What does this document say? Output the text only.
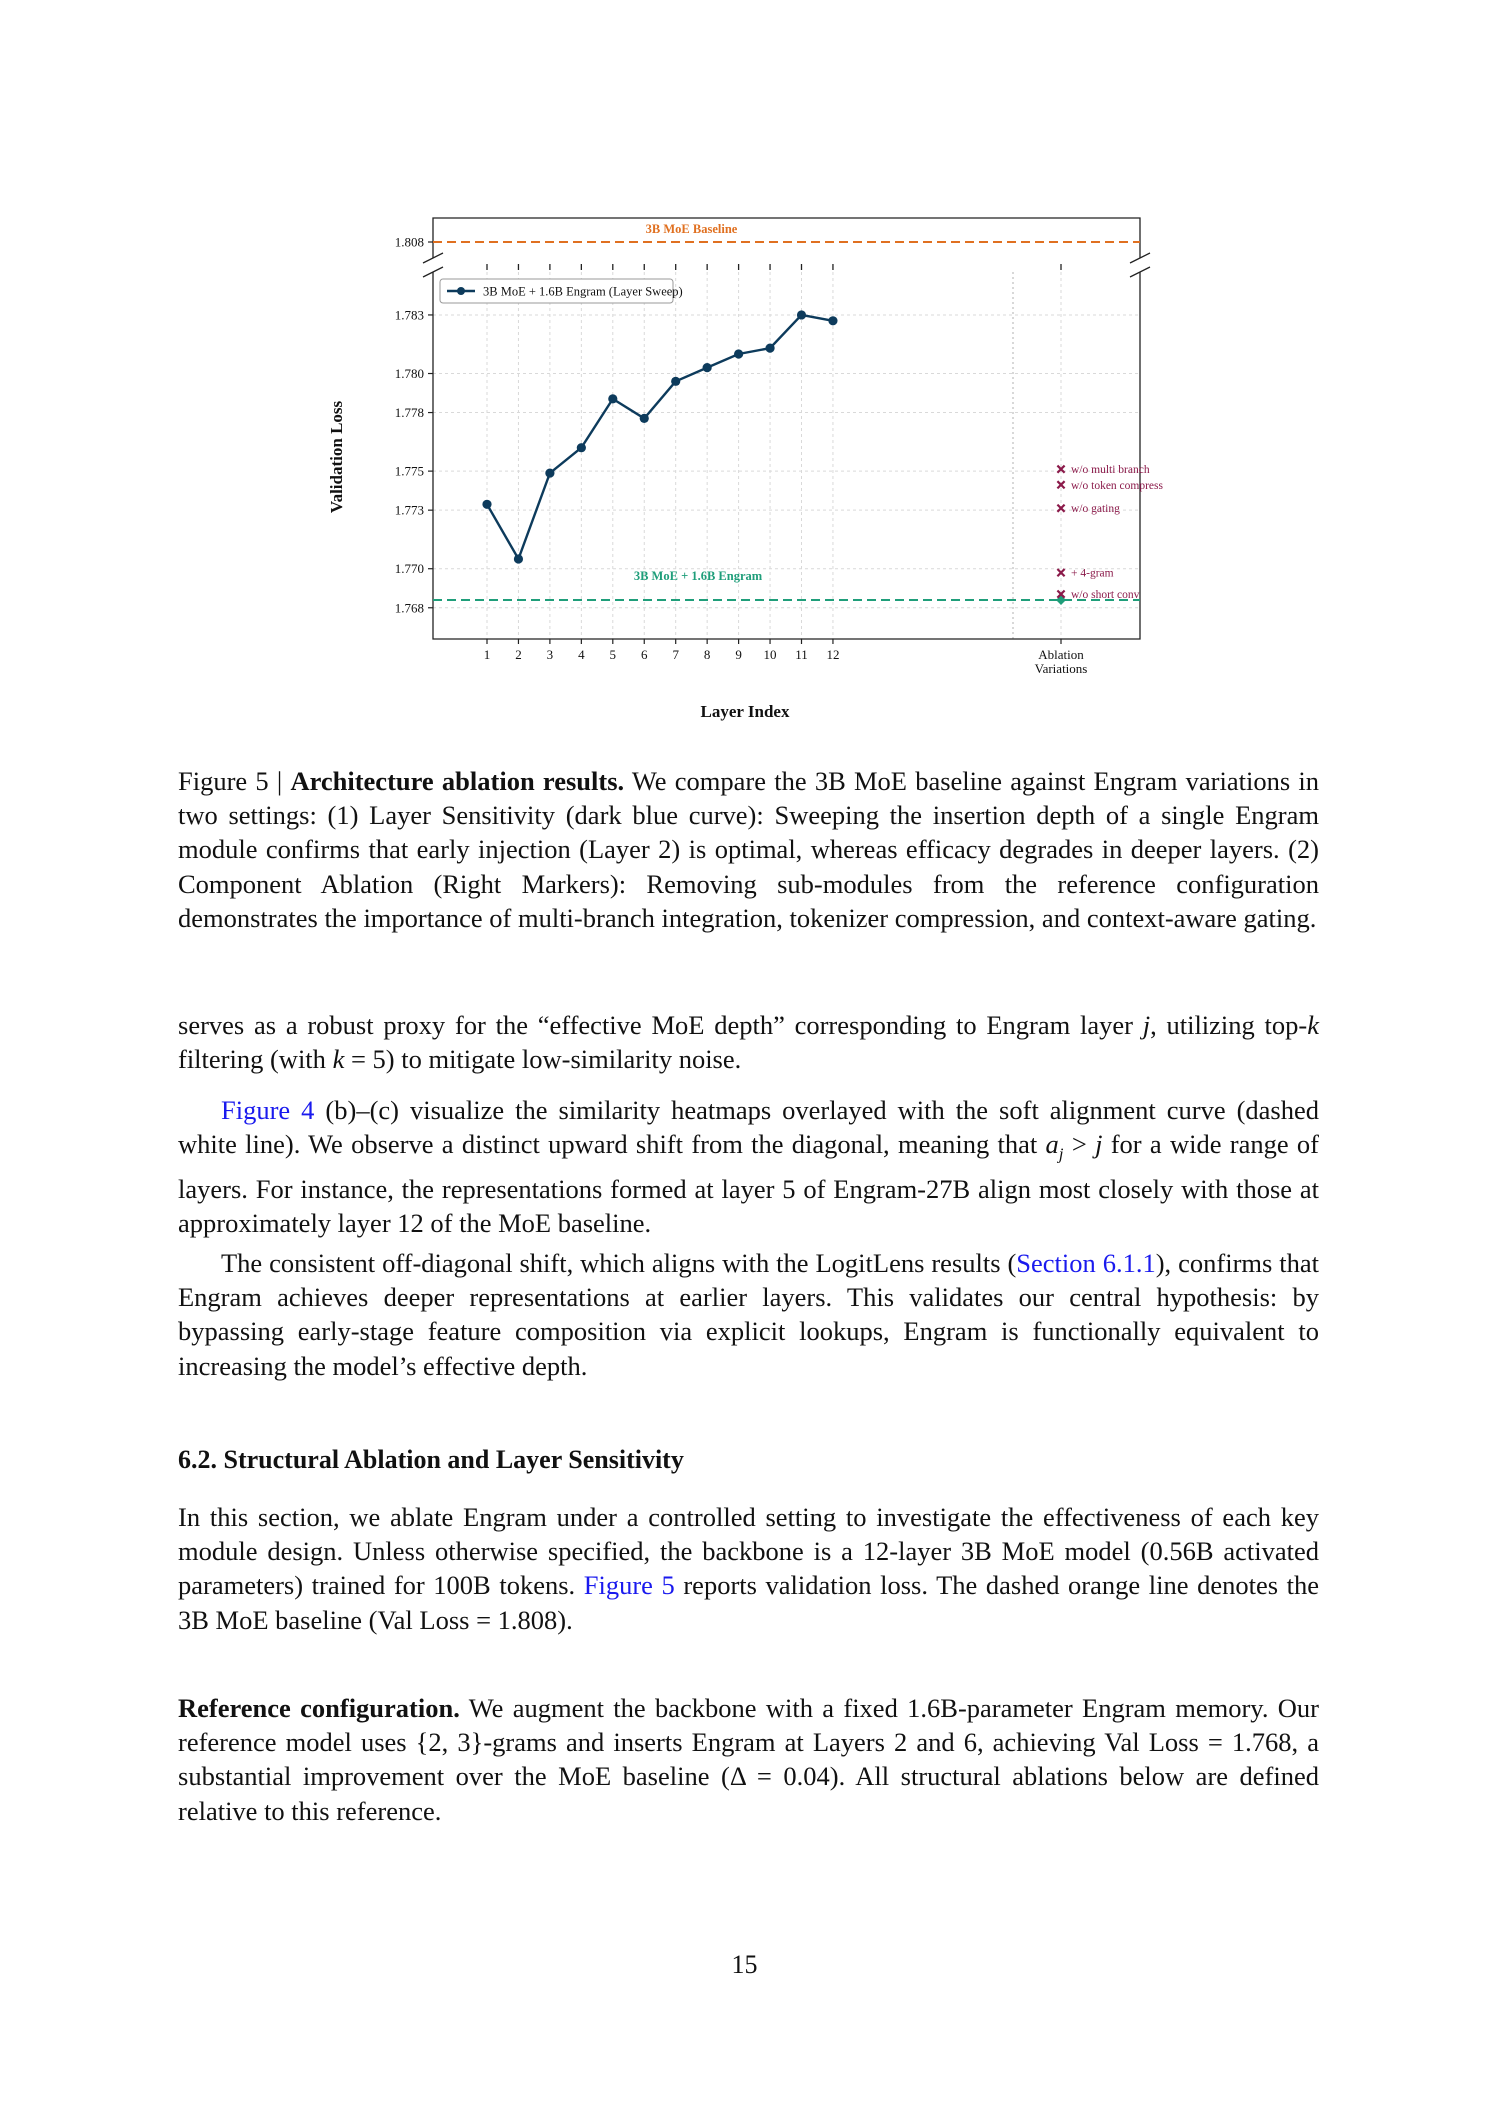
1 2 3 4 5 6 7 8 9 10 11 12	Ablation
Variations
1.768
1.770
1.773
1.775
1.778
1.780
1.783
1.808
3B MoE Baseline
3B MoE + 1.6B Engram
w/o multi branch
w/o token compress
w/o gating
+ 4-gram
w/o short conv
3B MoE + 1.6B Engram (Layer Sweep)
Layer Index
Validation Loss

Figure 5 | Architecture ablation results. We compare the 3B MoE baseline against Engram variations in two settings: (1) Layer Sensitivity (dark blue curve): Sweeping the insertion depth of a single Engram module confirms that early injection (Layer 2) is optimal, whereas efficacy degrades in deeper layers. (2) Component Ablation (Right Markers): Removing sub-modules from the reference configuration demonstrates the importance of multi-branch integration, tokenizer compression, and context-aware gating.

serves as a robust proxy for the “effective MoE depth” corresponding to Engram layer j, utilizing top-k filtering (with k = 5) to mitigate low-similarity noise.

Figure 4 (b)–(c) visualize the similarity heatmaps overlayed with the soft alignment curve (dashed white line). We observe a distinct upward shift from the diagonal, meaning that $a_j > j$ for a wide range of layers. For instance, the representations formed at layer 5 of Engram-27B align most closely with those at approximately layer 12 of the MoE baseline.

The consistent off-diagonal shift, which aligns with the LogitLens results (Section 6.1.1), confirms that Engram achieves deeper representations at earlier layers. This validates our central hypothesis: by bypassing early-stage feature composition via explicit lookups, Engram is functionally equivalent to increasing the model’s effective depth.

6.2. Structural Ablation and Layer Sensitivity

In this section, we ablate Engram under a controlled setting to investigate the effectiveness of each key module design. Unless otherwise specified, the backbone is a 12-layer 3B MoE model (0.56B activated parameters) trained for 100B tokens. Figure 5 reports validation loss. The dashed orange line denotes the 3B MoE baseline (Val Loss = 1.808).

Reference configuration. We augment the backbone with a fixed 1.6B-parameter Engram memory. Our reference model uses {2, 3}-grams and inserts Engram at Layers 2 and 6, achieving Val Loss = 1.768, a substantial improvement over the MoE baseline (Δ = 0.04). All structural ablations below are defined relative to this reference.

15
